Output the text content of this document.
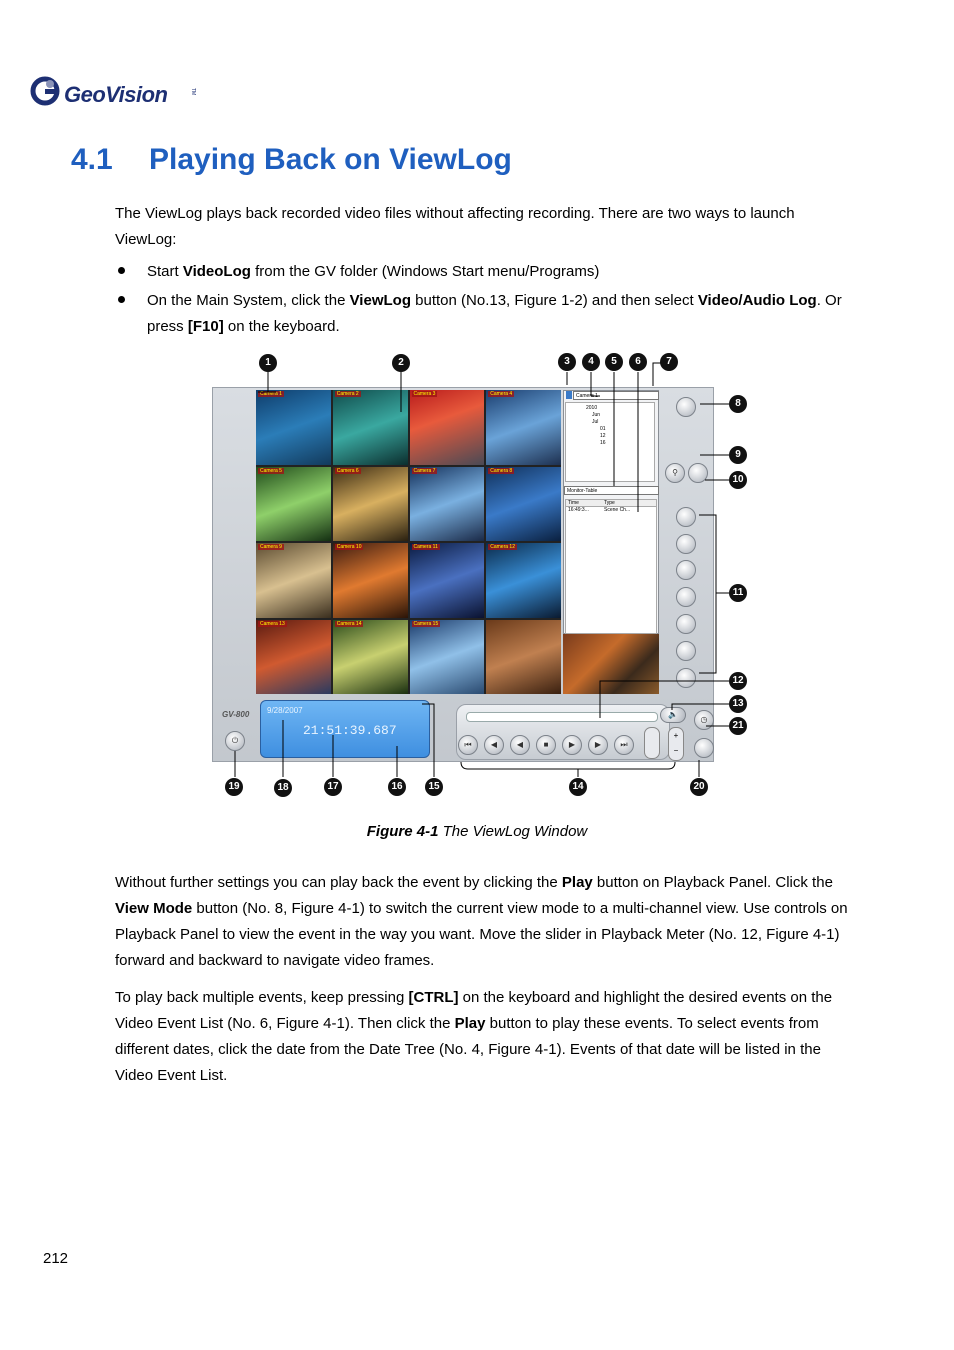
GeoVision	TM
4.1 Playing Back on ViewLog
The ViewLog plays back recorded video files without affecting recording. There are two ways to launch ViewLog:
Start VideoLog from the GV folder (Windows Start menu/Programs)
On the Main System, click the ViewLog button (No.13, Figure 1-2) and then select Video/Audio Log. Or press [F10] on the keyboard.
GV-800
Camera 1	Camera 2	Camera 3	Camera 4
Camera 5	Camera 6	Camera 7	Camera 8
Camera 9	Camera 10	Camera 11	Camera 12
Camera 13	Camera 14	Camera 15
Camera 1
2010
Jun
Jul
01
12
16
Monitor-Table
Time	Type
16:49:3...	Scene Ch...
⚲
9/28/2007
21:51:39.687
⏻
🔈
◷
⏮	◀	◀	■	▶	▶	⏭
+
−
1	2	3	4	5	6	7
8
9
10
11
12
13
21
19	18	17	16	15	14	20
Figure 4-1 The ViewLog Window
Without further settings you can play back the event by clicking the Play button on Playback Panel. Click the View Mode button (No. 8, Figure 4-1) to switch the current view mode to a multi-channel view. Use controls on Playback Panel to view the event in the way you want. Move the slider in Playback Meter (No. 12, Figure 4-1) forward and backward to navigate video frames.
To play back multiple events, keep pressing [CTRL] on the keyboard and highlight the desired events on the Video Event List (No. 6, Figure 4-1). Then click the Play button to play these events. To select events from different dates, click the date from the Date Tree (No. 4, Figure 4-1). Events of that date will be listed in the Video Event List.
212
